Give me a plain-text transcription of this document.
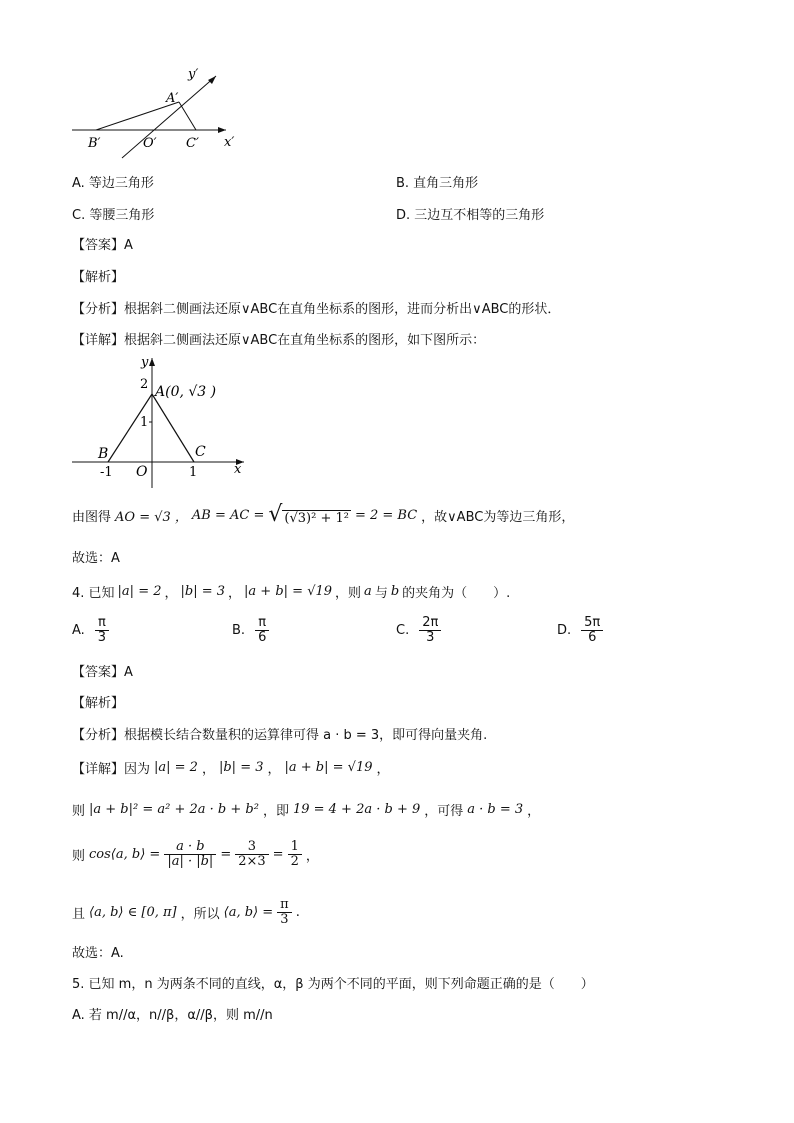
y′
A′
B′	O′ C′ x′
A. 等边三角形	B. 直角三角形
C. 等腰三角形	D. 三边互不相等的三角形
【答案】A
【解析】
【分析】根据斜二侧画法还原∨ABC在直角坐标系的图形，进而分析出∨ABC的形状．
【详解】根据斜二侧画法还原∨ABC在直角坐标系的图形，如下图所示：
y
2 A(0, √3 )
1
B	C
-1 O	1	x
由图得 AO = √3 ， AB = AC = √ (√3)² + 1² = 2 = BC ，故∨ABC为等边三角形，
故选：A
4. 已知 |a| = 2 ， |b| = 3 ， |a + b| = √19 ，则 a 与 b 的夹角为（　　）.
A. $\frac{\pi}{3}$	B. $\frac{\pi}{6}$	C. $\frac{2\pi}{3}$	D. $\frac{5\pi}{6}$
【答案】A
【解析】
【分析】根据模长结合数量积的运算律可得 a · b = 3，即可得向量夹角.
【详解】因为 |a| = 2 ， |b| = 3 ， |a + b| = √19 ，
则 |a + b|² = a² + 2a · b + b² ，即 19 = 4 + 2a · b + 9 ，可得 a · b = 3 ，
则 cos⟨a, b⟩ = $\frac{a \cdot b}{|a| \cdot |b|} = \frac{3}{2\times 3} = \frac{1}{2}$ ，
且 ⟨a, b⟩ ∈ [0, π] ，所以 ⟨a, b⟩ = $\frac{\pi}{3}$ .
故选：A.
5. 已知 m，n 为两条不同的直线，α，β 为两个不同的平面，则下列命题正确的是（　　）
A. 若 m//α，n//β，α//β，则 m//n
